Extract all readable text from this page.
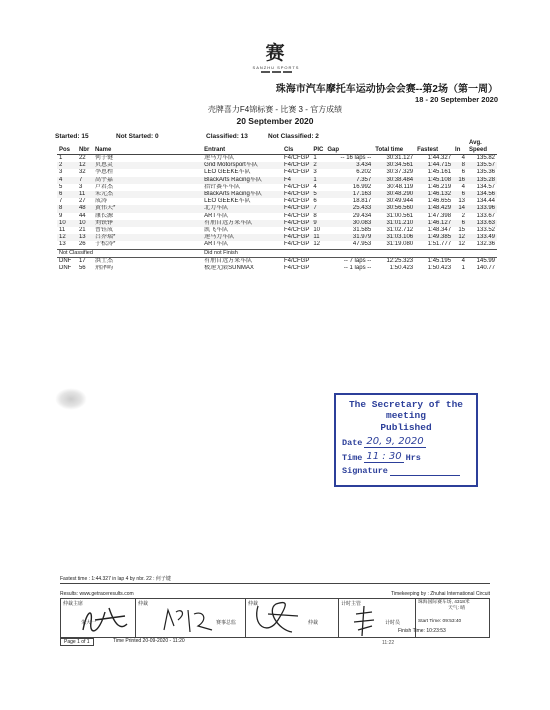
赛
SANZHU SPORTS
珠海市汽车摩托车运动协会会赛--第2场（第一周）
18 - 20 September 2020
壳牌喜力F4锦标赛 - 比赛 3 - 官方成绩
20 September 2020
Started: 15	Not Started: 0	Classified: 13	Not Classified: 2
Pos	Nbr	Name	Entrant	Cls	PIC	Gap	Total time	Fastest	In	Avg.
Speed
1	22	何子键	速马力车队	F4/CFGP	1	-- 16 laps --	30:31.127	1:44.327	4	135.82
2	12	贝恩灵	Grid Motorsport车队	F4/CFGP	2	3.434	30:34.561	1:44.715	8	135.57
3	32	李恩程	LEO GEEKE车队	F4/CFGP	3	6.202	30:37.329	1:45.161	6	135.36
4	7	高宇嘉	BlackArts Racing车队	F4	1	7.357	30:38.484	1:45.108	16	135.28
5	3	卢君杰	指针赛车车队	F4/CFGP	4	16.992	30:48.119	1:46.219	4	134.57
6	11	朱元杰	BlackArts Racing车队	F4/CFGP	5	17.163	30:48.290	1:46.132	6	134.56
7	27	成涛	LEO GEEKE车队	F4/CFGP	6	18.817	30:49.944	1:46.655	13	134.44
8	48	黄伟夫*	北力车队	F4/CFGP	7	25.433	30:56.560	1:48.429	14	133.96
9	44	康长源	ART车队	F4/CFGP	8	29.434	31:00.561	1:47.398	2	133.67
10	10	刘铁铮	有朋自远方来车队	F4/CFGP	9	30.083	31:01.210	1:46.127	6	133.63
11	21	曹钰成	凯飞车队	F4/CFGP	10	31.585	31:02.712	1:48.347	15	133.52
12	13	吕乔瑞*	速马力车队	F4/CFGP	11	31.979	31:03.106	1:49.385	12	133.49
13	26	于松涛*	ART车队	F4/CFGP	12	47.953	31:19.080	1:51.777	12	132.36
Not Classified			Did not Finish							
DNF	17	洪士杰	有朋自远方来车队	F4/CFGP		-- 7 laps --	12:25.323	1:45.195	4	145.99
DNF	56	荆泽屿	极速无限SUNMAX	F4/CFGP		-- 1 laps --	1:50.423	1:50.423	1	140.77
The Secretary of the meeting
Published
Date 20, 9, 2020
Time 11 : 30 Hrs
Signature
Fastest time : 1:44.327 in lap 4 by nbr. 22 : 何子键
Results: www.getraceresults.com	Timekeeping by : Zhuhai International Circuit
仲裁主席

朱大一	仲裁

赛事总监	仲裁

仲裁	计时主管

计时员	
珠海国际赛车场, 4318米
天气: 晴
Start Time: 09:53:40
Finish Time: 10:23:53
Page 1 of 1	Time Printed 20-09-2020 - 11:20	11:22
